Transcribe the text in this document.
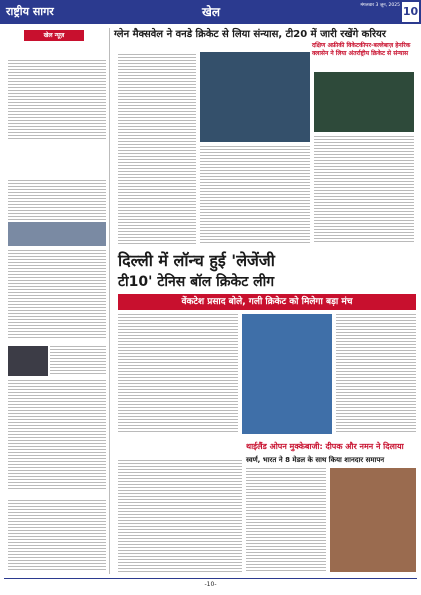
राष्ट्रीय सागर	खेल	मंगलवार 3 जून, 2025 10
खेल न्यूज़	ग्लेन मैक्सवेल ने वनडे क्रिकेट से लिया संन्यास, टी20 में जारी रखेंगे करियर
दक्षिण अफ्रीकी विकेटकीपर-बल्लेबाज़ हेनरिक क्लासेन ने लिया अंतर्राष्ट्रीय क्रिकेट से संन्यास
दिल्ली में लॉन्च हुई 'लेजेंजी
टी10' टेनिस बॉल क्रिकेट लीग
वेंकटेश प्रसाद बोले, गली क्रिकेट को मिलेगा बड़ा मंच
थाईलैंड ओपन मुक्केबाजी: दीपक और नमन ने दिलाया
स्वर्ण, भारत ने 8 मेडल के साथ किया शानदार समापन
-10-
